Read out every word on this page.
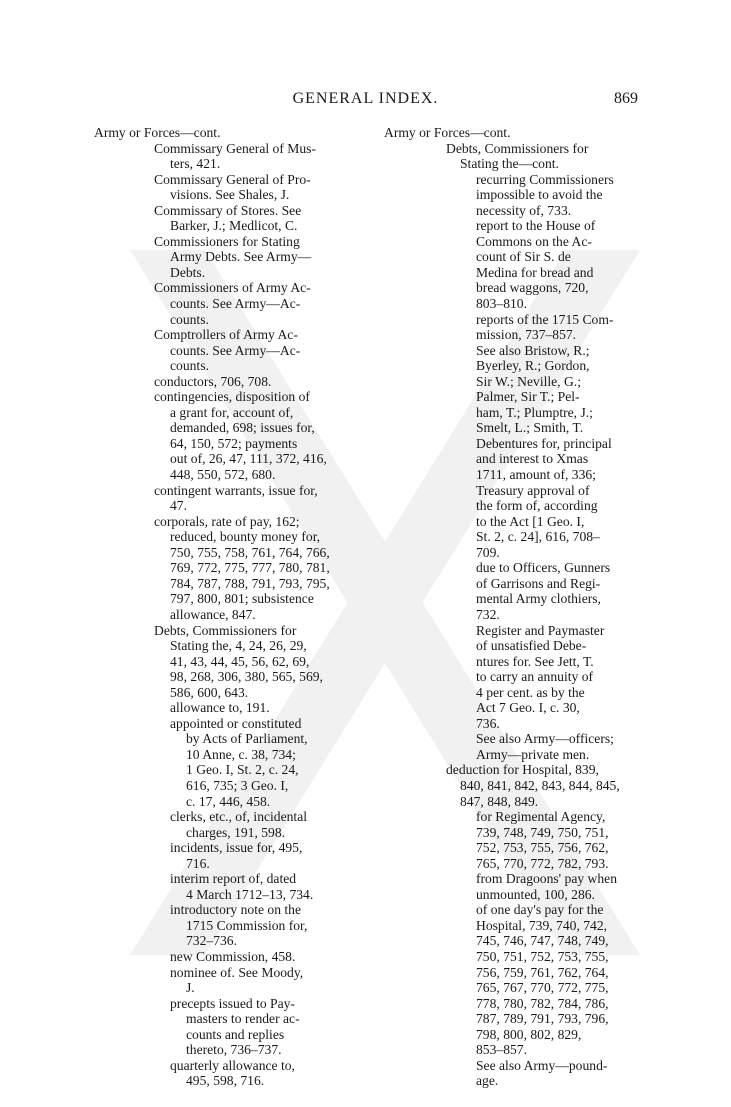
GENERAL INDEX.	869
Army or Forces—cont.
Commissary General of Mus-
ters, 421.
Commissary General of Pro-
visions. See Shales, J.
Commissary of Stores. See
Barker, J.; Medlicot, C.
Commissioners for Stating
Army Debts. See Army—
Debts.
Commissioners of Army Ac-
counts. See Army—Ac-
counts.
Comptrollers of Army Ac-
counts. See Army—Ac-
counts.
conductors, 706, 708.
contingencies, disposition of
a grant for, account of,
demanded, 698; issues for,
64, 150, 572; payments
out of, 26, 47, 111, 372, 416,
448, 550, 572, 680.
contingent warrants, issue for,
47.
corporals, rate of pay, 162;
reduced, bounty money for,
750, 755, 758, 761, 764, 766,
769, 772, 775, 777, 780, 781,
784, 787, 788, 791, 793, 795,
797, 800, 801; subsistence
allowance, 847.
Debts, Commissioners for
Stating the, 4, 24, 26, 29,
41, 43, 44, 45, 56, 62, 69,
98, 268, 306, 380, 565, 569,
586, 600, 643.
allowance to, 191.
appointed or constituted
by Acts of Parliament,
10 Anne, c. 38, 734;
1 Geo. I, St. 2, c. 24,
616, 735; 3 Geo. I,
c. 17, 446, 458.
clerks, etc., of, incidental
charges, 191, 598.
incidents, issue for, 495,
716.
interim report of, dated
4 March 1712–13, 734.
introductory note on the
1715 Commission for,
732–736.
new Commission, 458.
nominee of. See Moody,
J.
precepts issued to Pay-
masters to render ac-
counts and replies
thereto, 736–737.
quarterly allowance to,
495, 598, 716.
Army or Forces—cont.
Debts, Commissioners for
Stating the—cont.
recurring Commissioners
impossible to avoid the
necessity of, 733.
report to the House of
Commons on the Ac-
count of Sir S. de
Medina for bread and
bread waggons, 720,
803–810.
reports of the 1715 Com-
mission, 737–857.
See also Bristow, R.;
Byerley, R.; Gordon,
Sir W.; Neville, G.;
Palmer, Sir T.; Pel-
ham, T.; Plumptre, J.;
Smelt, L.; Smith, T.
Debentures for, principal
and interest to Xmas
1711, amount of, 336;
Treasury approval of
the form of, according
to the Act [1 Geo. I,
St. 2, c. 24], 616, 708–
709.
due to Officers, Gunners
of Garrisons and Regi-
mental Army clothiers,
732.
Register and Paymaster
of unsatisfied Debe-
ntures for. See Jett, T.
to carry an annuity of
4 per cent. as by the
Act 7 Geo. I, c. 30,
736.
See also Army—officers;
Army—private men.
deduction for Hospital, 839,
840, 841, 842, 843, 844, 845,
847, 848, 849.
for Regimental Agency,
739, 748, 749, 750, 751,
752, 753, 755, 756, 762,
765, 770, 772, 782, 793.
from Dragoons' pay when
unmounted, 100, 286.
of one day's pay for the
Hospital, 739, 740, 742,
745, 746, 747, 748, 749,
750, 751, 752, 753, 755,
756, 759, 761, 762, 764,
765, 767, 770, 772, 775,
778, 780, 782, 784, 786,
787, 789, 791, 793, 796,
798, 800, 802, 829,
853–857.
See also Army—pound-
age.
